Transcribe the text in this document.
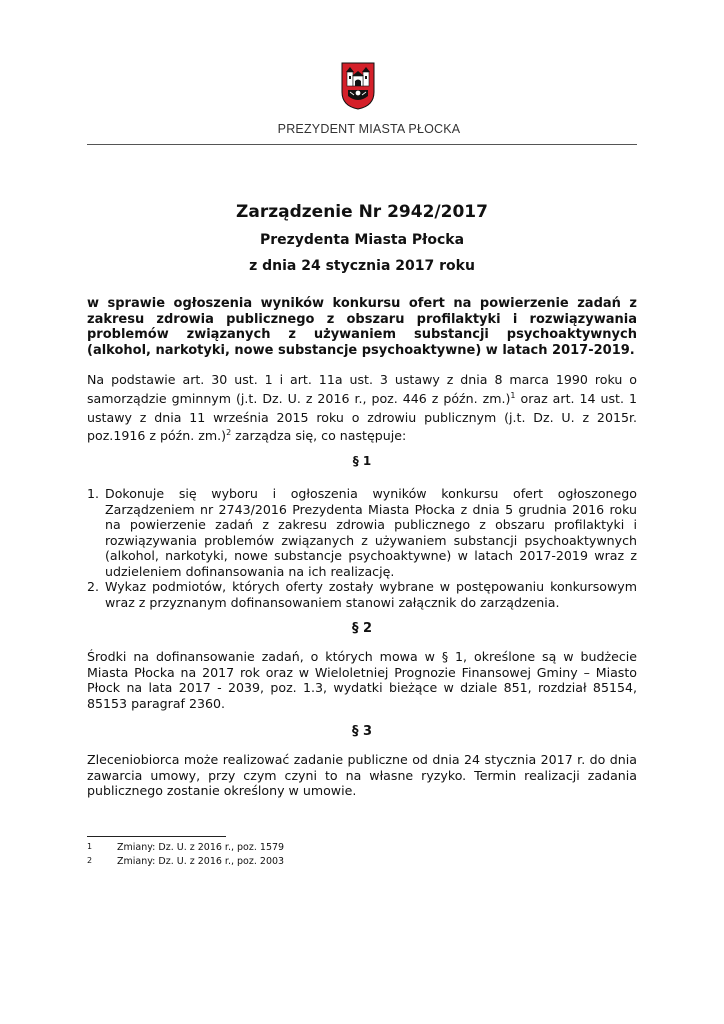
PREZYDENT MIASTA PŁOCKA
Zarządzenie Nr 2942/2017
Prezydenta Miasta Płocka
z dnia 24 stycznia 2017 roku
w sprawie ogłoszenia wyników konkursu ofert na powierzenie zadań z zakresu zdrowia publicznego z obszaru profilaktyki i rozwiązywania problemów związanych z używaniem substancji psychoaktywnych (alkohol, narkotyki, nowe substancje psychoaktywne) w latach 2017-2019.
Na podstawie art. 30 ust. 1 i art. 11a ust. 3 ustawy z dnia 8 marca 1990 roku o samorządzie gminnym (j.t. Dz. U. z 2016 r., poz. 446 z późn. zm.)$^1$ oraz art. 14 ust. 1 ustawy z dnia 11 września 2015 roku o zdrowiu publicznym (j.t. Dz. U. z 2015r. poz.1916 z późn. zm.)$^2$ zarządza się, co następuje:
§ 1
1. Dokonuje się wyboru i ogłoszenia wyników konkursu ofert ogłoszonego Zarządzeniem nr 2743/2016 Prezydenta Miasta Płocka z dnia 5 grudnia 2016 roku na powierzenie zadań z zakresu zdrowia publicznego z obszaru profilaktyki i rozwiązywania problemów związanych z używaniem substancji psychoaktywnych (alkohol, narkotyki, nowe substancje psychoaktywne) w latach 2017-2019 wraz z udzieleniem dofinansowania na ich realizację.
2. Wykaz podmiotów, których oferty zostały wybrane w postępowaniu konkursowym wraz z przyznanym dofinansowaniem stanowi załącznik do zarządzenia.
§ 2
Środki na dofinansowanie zadań, o których mowa w § 1, określone są w budżecie Miasta Płocka na 2017 rok oraz w Wieloletniej Prognozie Finansowej Gminy – Miasto Płock na lata 2017 - 2039, poz. 1.3, wydatki bieżące w dziale 851, rozdział 85154, 85153 paragraf 2360.
§ 3
Zleceniobiorca może realizować zadanie publiczne od dnia 24 stycznia 2017 r. do dnia zawarcia umowy, przy czym czyni to na własne ryzyko. Termin realizacji zadania publicznego zostanie określony w umowie.
1	Zmiany: Dz. U. z 2016 r., poz. 1579
2	Zmiany: Dz. U. z 2016 r., poz. 2003
